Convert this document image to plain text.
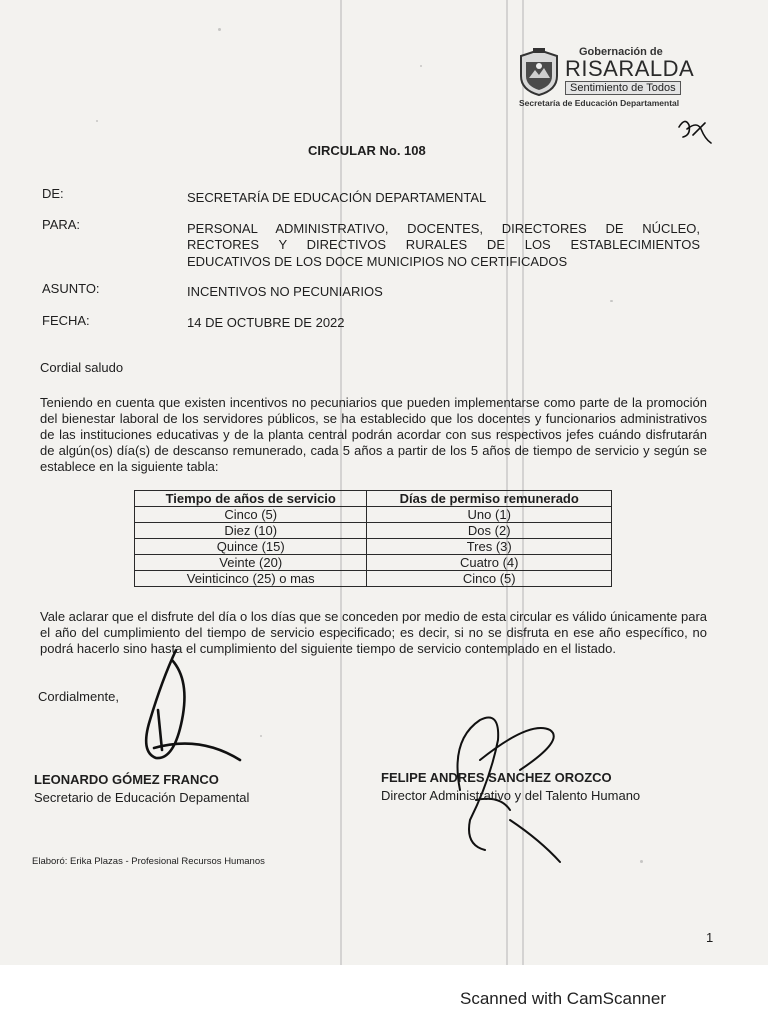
Gobernación de
RISARALDA
Sentimiento de Todos
Secretaría de Educación Departamental
CIRCULAR No. 108
DE:	SECRETARÍA DE EDUCACIÓN DEPARTAMENTAL
PARA:	PERSONAL ADMINISTRATIVO, DOCENTES, DIRECTORES DE NÚCLEO,
RECTORES Y DIRECTIVOS RURALES DE LOS ESTABLECIMIENTOS
EDUCATIVOS DE LOS DOCE MUNICIPIOS NO CERTIFICADOS
ASUNTO:	INCENTIVOS NO PECUNIARIOS
FECHA:	14 DE OCTUBRE DE 2022
Cordial saludo
Teniendo en cuenta que existen incentivos no pecuniarios que pueden implementarse como parte de la promoción del bienestar laboral de los servidores públicos, se ha establecido que los docentes y funcionarios administrativos de las instituciones educativas y de la planta central podrán acordar con sus respectivos jefes cuándo disfrutarán de algún(os) día(s) de descanso remunerado, cada 5 años a partir de los 5 años de tiempo de servicio y según se establece en la siguiente tabla:
Tiempo de años de servicio	Días de permiso remunerado
Cinco (5)	Uno (1)
Diez (10)	Dos (2)
Quince (15)	Tres (3)
Veinte (20)	Cuatro (4)
Veinticinco (25) o mas	Cinco (5)
Vale aclarar que el disfrute del día o los días que se conceden por medio de esta circular es válido únicamente para el año del cumplimiento del tiempo de servicio especificado; es decir, si no se disfruta en ese año específico, no podrá hacerlo sino hasta el cumplimiento del siguiente tiempo de servicio contemplado en el listado.
Cordialmente,
LEONARDO GÓMEZ FRANCO
Secretario de Educación Depamental
FELIPE ANDRES SANCHEZ OROZCO
Director Administrativo y del Talento Humano
Elaboró: Erika Plazas - Profesional Recursos Humanos
1
Scanned with CamScanner
